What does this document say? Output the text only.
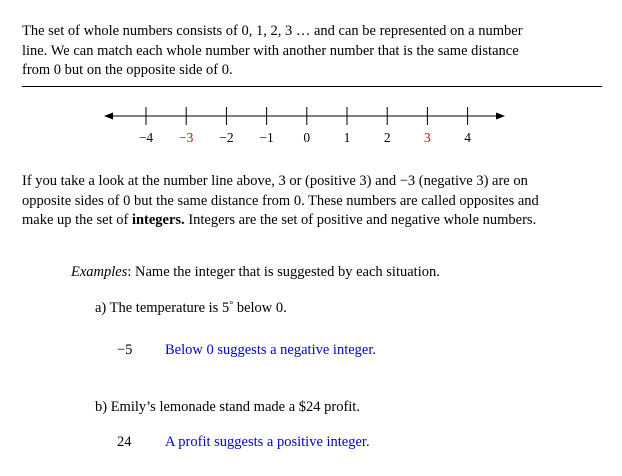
The set of whole numbers consists of 0, 1, 2, 3 … and can be represented on a number

line. We can match each whole number with another number that is the same distance

from 0 but on the opposite side of 0.

−4 −3 −2 −1 0 1 2 3 4

If you take a look at the number line above, 3 or (positive 3) and −3 (negative 3) are on

opposite sides of 0 but the same distance from 0. These numbers are called opposites and

make up the set of integers. Integers are the set of positive and negative whole numbers.

Examples: Name the integer that is suggested by each situation.
a) The temperature is 5° below 0.
−5 Below 0 suggests a negative integer.
b) Emily’s lemonade stand made a $24 profit.
24 A profit suggests a positive integer.
